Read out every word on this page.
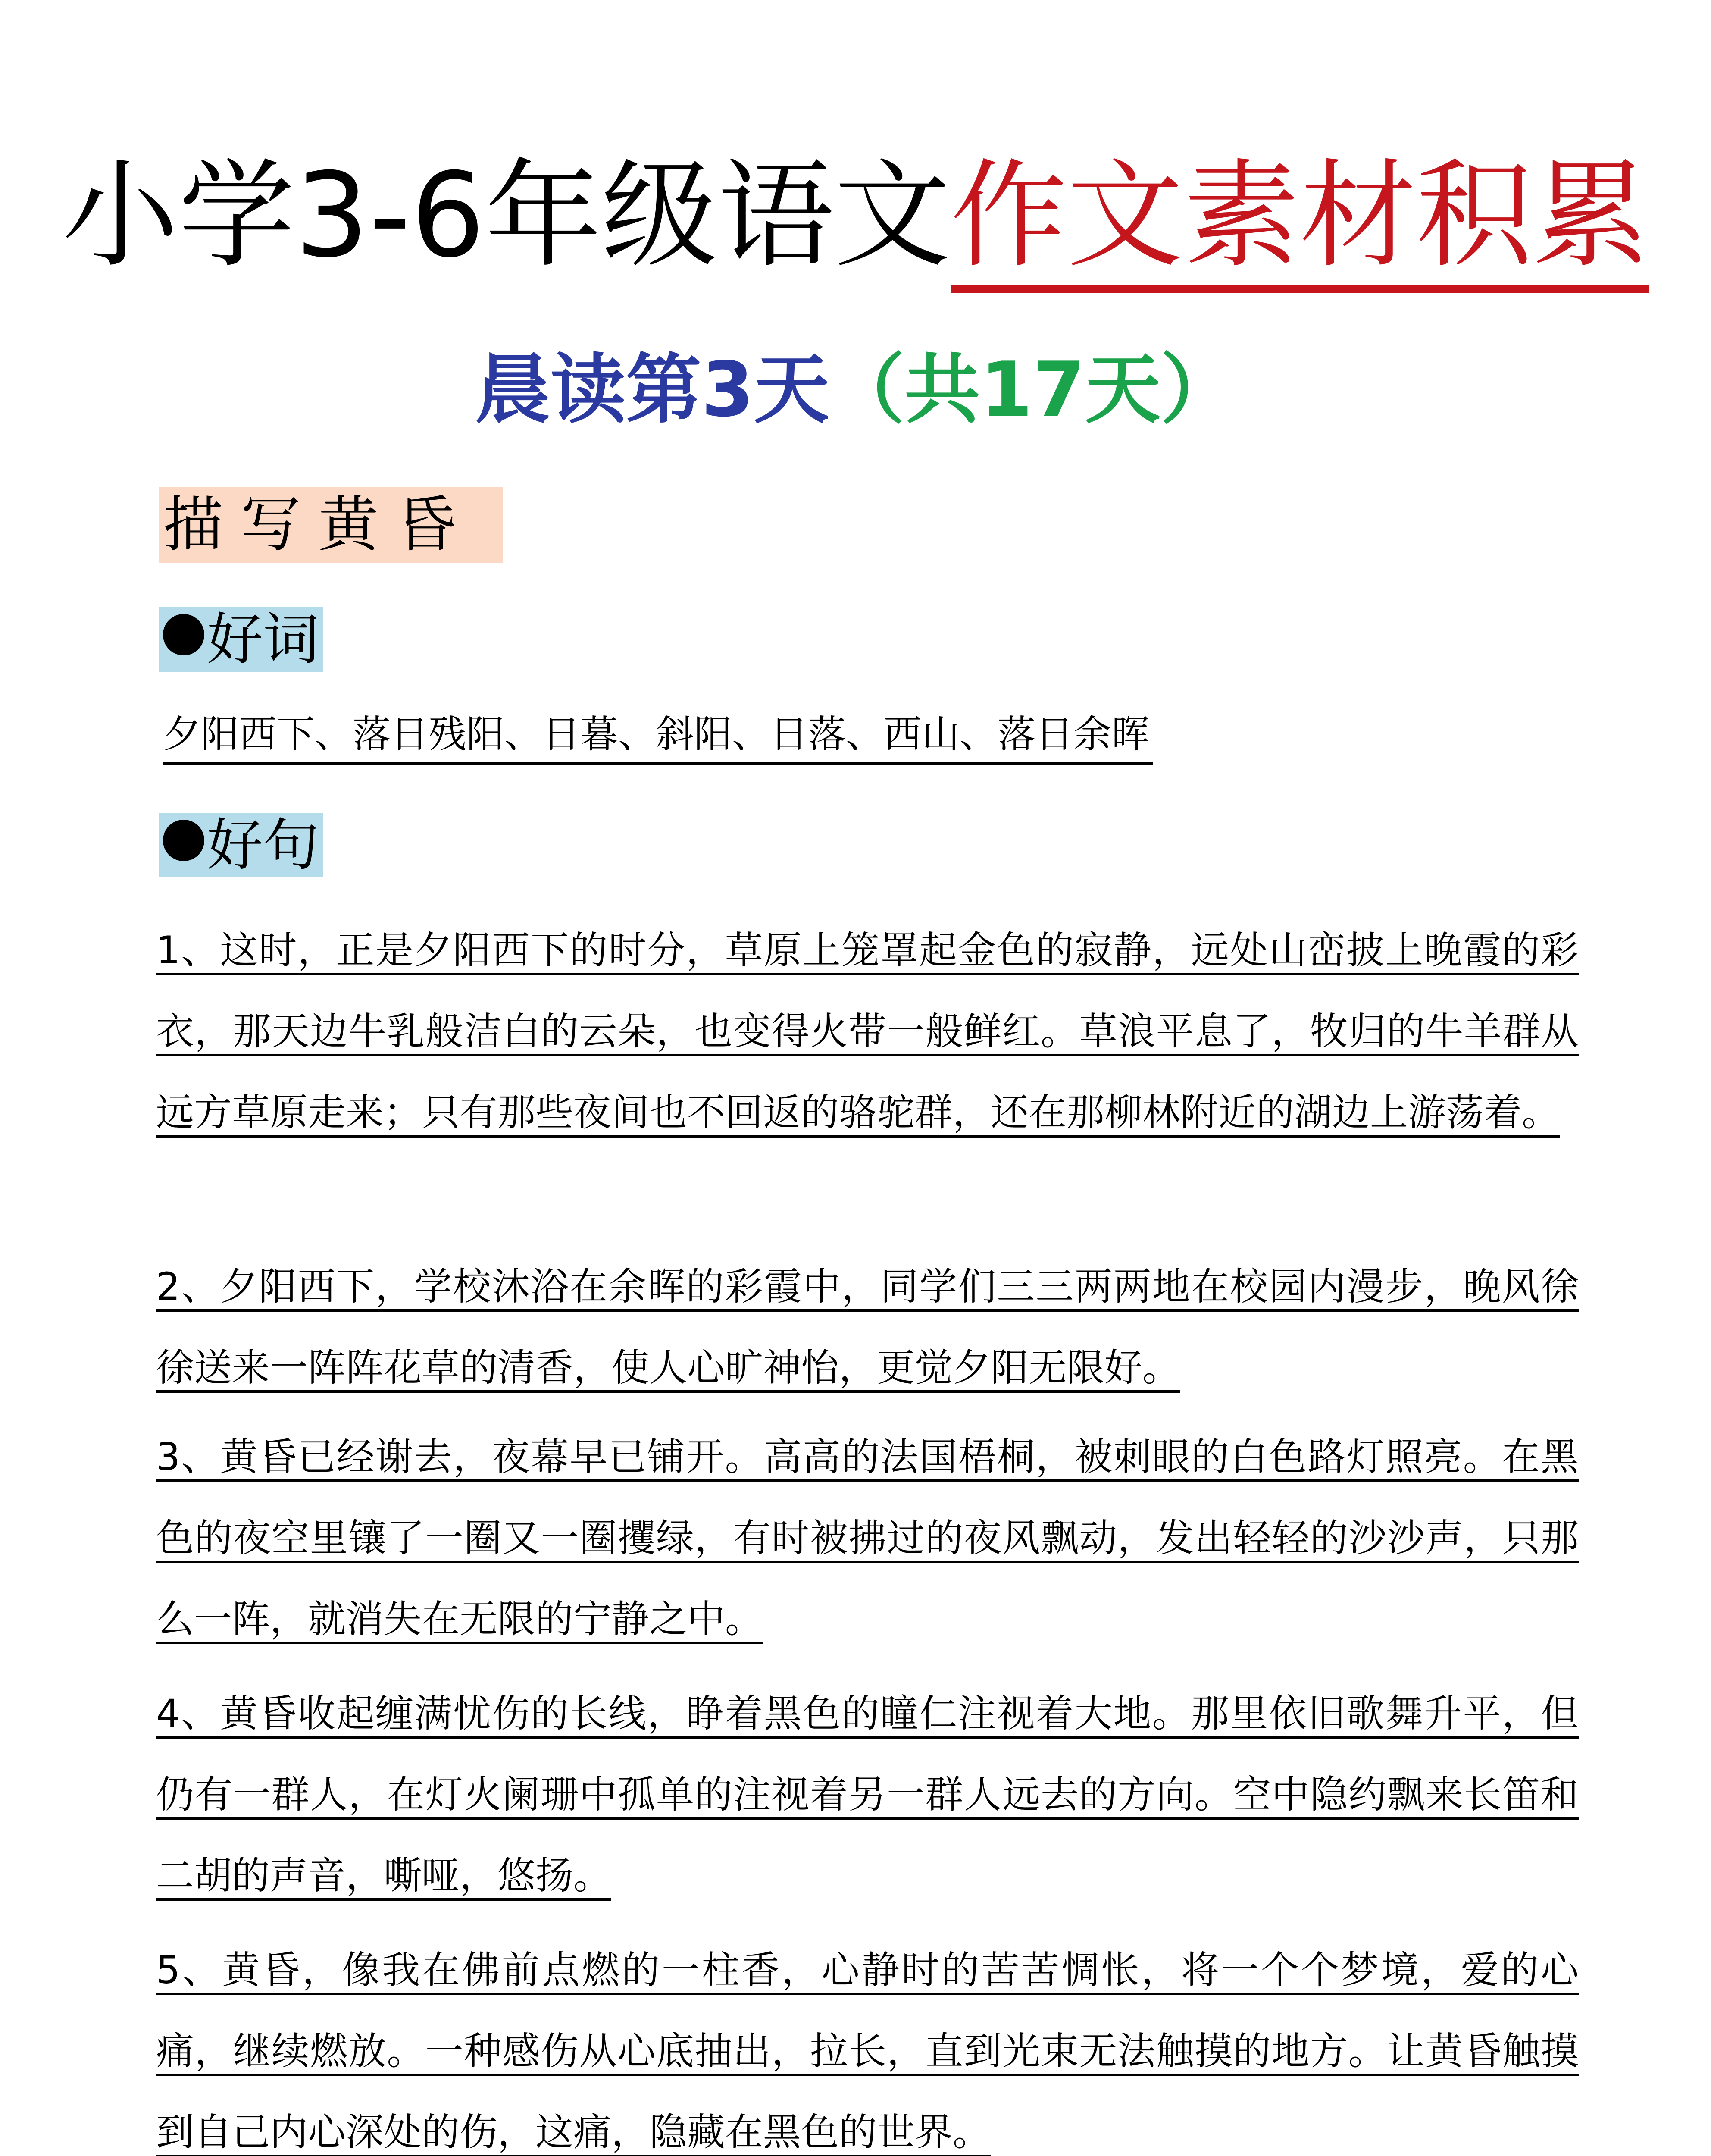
小学3-6年级语文作文素材积累
晨读第3天（共17天）
描写黄昏
好词
夕阳西下、落日残阳、日暮、斜阳、日落、西山、落日余晖
好句
1、这时，正是夕阳西下的时分，草原上笼罩起金色的寂静，远处山峦披上晚霞的彩衣，那天边牛乳般洁白的云朵，也变得火带一般鲜红。草浪平息了，牧归的牛羊群从远方草原走来；只有那些夜间也不回返的骆驼群，还在那柳林附近的湖边上游荡着。
2、夕阳西下，学校沐浴在余晖的彩霞中，同学们三三两两地在校园内漫步，晚风徐徐送来一阵阵花草的清香，使人心旷神怡，更觉夕阳无限好。
3、黄昏已经谢去，夜幕早已铺开。高高的法国梧桐，被刺眼的白色路灯照亮。在黑色的夜空里镶了一圈又一圈攫绿，有时被拂过的夜风飘动，发出轻轻的沙沙声，只那么一阵，就消失在无限的宁静之中。
4、黄昏收起缠满忧伤的长线，睁着黑色的瞳仁注视着大地。那里依旧歌舞升平，但仍有一群人，在灯火阑珊中孤单的注视着另一群人远去的方向。空中隐约飘来长笛和二胡的声音，嘶哑，悠扬。
5、黄昏，像我在佛前点燃的一柱香，心静时的苦苦惆怅，将一个个梦境，爱的心痛，继续燃放。一种感伤从心底抽出，拉长，直到光束无法触摸的地方。让黄昏触摸到自己内心深处的伤，这痛，隐藏在黑色的世界。
